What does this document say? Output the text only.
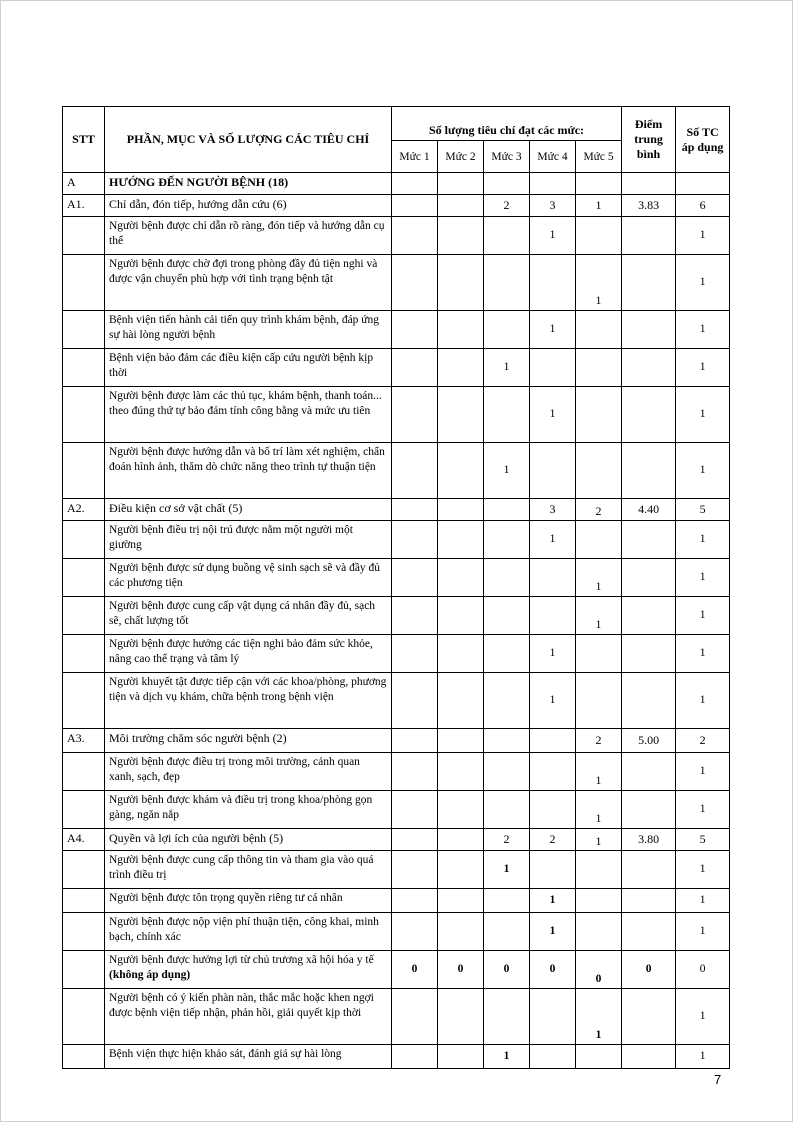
STT	PHẦN, MỤC VÀ SỐ LƯỢNG CÁC TIÊU CHÍ	Số lượng tiêu chí đạt các mức:					Điểm trung bình	Số TC áp dụng
		Mức 1	Mức 2	Mức 3	Mức 4	Mức 5		
A	HƯỚNG ĐẾN NGƯỜI BỆNH (18)							
A1.	Chỉ dẫn, đón tiếp, hướng dẫn cứu (6)			2	3	1	3.83	6
	Người bệnh được chỉ dẫn rõ ràng, đón tiếp và hướng dẫn cụ thể				1			1
	Người bệnh được chờ đợi trong phòng đầy đủ tiện nghi và được vận chuyển phù hợp với tình trạng bệnh tật					1		1
	Bệnh viện tiến hành cải tiến quy trình khám bệnh, đáp ứng sự hài lòng người bệnh				1			1
	Bệnh viện bảo đảm các điều kiện cấp cứu người bệnh kịp thời			1				1
	Người bệnh được làm các thủ tục, khám bệnh, thanh toán... theo đúng thứ tự bảo đảm tính công bằng và mức ưu tiên				1			1
	Người bệnh được hướng dẫn và bố trí làm xét nghiệm, chẩn đoán hình ảnh, thăm dò chức năng theo trình tự thuận tiện			1				1
A2.	Điều kiện cơ sở vật chất (5)				3	2	4.40	5
	Người bệnh điều trị nội trú được nằm một người một giường				1			1
	Người bệnh được sử dụng buồng vệ sinh sạch sẽ và đầy đủ các phương tiện					1		1
	Người bệnh được cung cấp vật dụng cá nhân đầy đủ, sạch sẽ, chất lượng tốt					1		1
	Người bệnh được hưởng các tiện nghi bảo đảm sức khỏe, nâng cao thể trạng và tâm lý				1			1
	Người khuyết tật được tiếp cận với các khoa/phòng, phương tiện và dịch vụ khám, chữa bệnh trong bệnh viện				1			1
A3.	Môi trường chăm sóc người bệnh (2)					2	5.00	2
	Người bệnh được điều trị trong môi trường, cảnh quan xanh, sạch, đẹp					1		1
	Người bệnh được khám và điều trị trong khoa/phòng gọn gàng, ngăn nắp					1		1
A4.	Quyền và lợi ích của người bệnh (5)			2	2	1	3.80	5
	Người bệnh được cung cấp thông tin và tham gia vào quá trình điều trị			1				1
	Người bệnh được tôn trọng quyền riêng tư cá nhân				1			1
	Người bệnh được nộp viện phí thuận tiện, công khai, minh bạch, chính xác				1			1
	Người bệnh được hưởng lợi từ chủ trương xã hội hóa y tế (không áp dụng)	0	0	0	0	0	0	0
	Người bệnh có ý kiến phàn nàn, thắc mắc hoặc khen ngợi được bệnh viện tiếp nhận, phản hồi, giải quyết kịp thời					1		1
	Bệnh viện thực hiện khảo sát, đánh giá sự hài lòng			1				1
7
